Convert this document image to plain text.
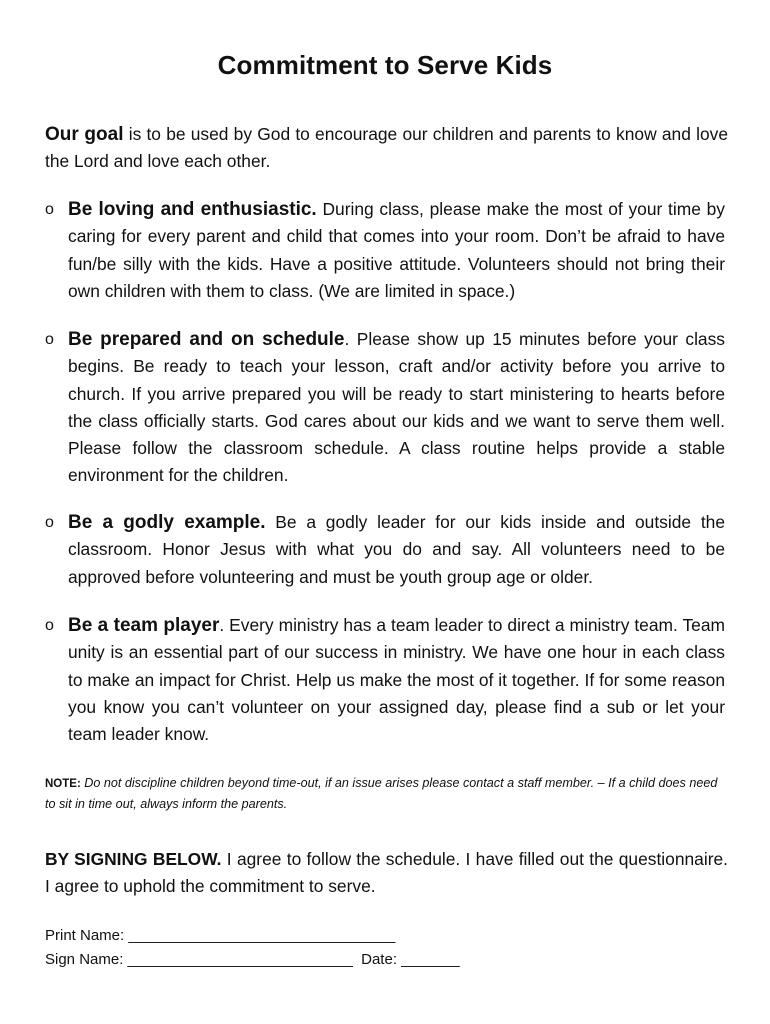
Commitment to Serve Kids
Our goal is to be used by God to encourage our children and parents to know and love the Lord and love each other.
o Be loving and enthusiastic. During class, please make the most of your time by caring for every parent and child that comes into your room. Don’t be afraid to have fun/be silly with the kids. Have a positive attitude. Volunteers should not bring their own children with them to class. (We are limited in space.)
o Be prepared and on schedule. Please show up 15 minutes before your class begins. Be ready to teach your lesson, craft and/or activity before you arrive to church. If you arrive prepared you will be ready to start ministering to hearts before the class officially starts. God cares about our kids and we want to serve them well. Please follow the classroom schedule. A class routine helps provide a stable environment for the children.
o Be a godly example. Be a godly leader for our kids inside and outside the classroom. Honor Jesus with what you do and say. All volunteers need to be approved before volunteering and must be youth group age or older.
o Be a team player. Every ministry has a team leader to direct a ministry team. Team unity is an essential part of our success in ministry. We have one hour in each class to make an impact for Christ. Help us make the most of it together. If for some reason you know you can’t volunteer on your assigned day, please find a sub or let your team leader know.
NOTE: Do not discipline children beyond time-out, if an issue arises please contact a staff member. – If a child does need to sit in time out, always inform the parents.
BY SIGNING BELOW. I agree to follow the schedule. I have filled out the questionnaire. I agree to uphold the commitment to serve.
Print Name: ________________________________
Sign Name: ___________________________  Date: _______
